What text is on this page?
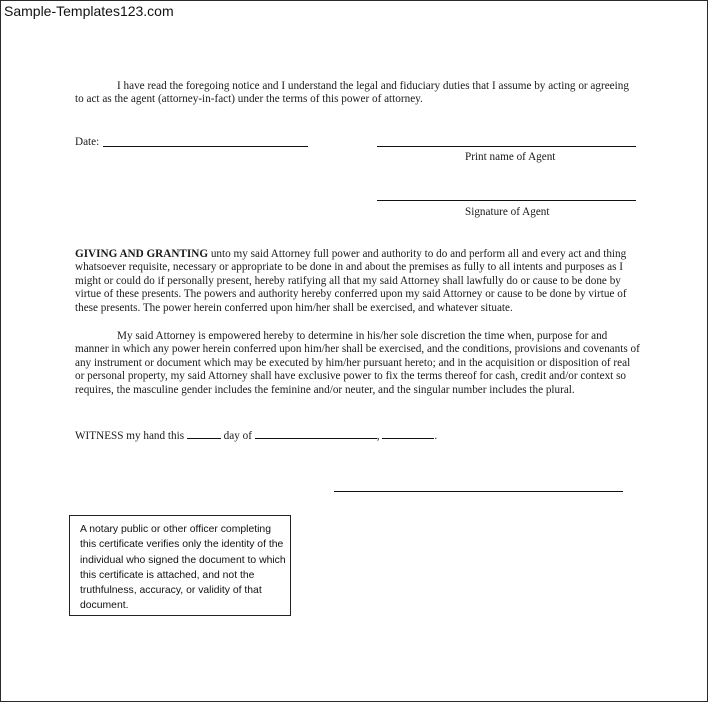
Sample-Templates123.com

I have read the foregoing notice and I understand the legal and fiduciary duties that I assume by acting or agreeing to act as the agent (attorney-in-fact) under the terms of this power of attorney.

Date:
Print name of Agent
Signature of Agent

GIVING AND GRANTING unto my said Attorney full power and authority to do and perform all and every act and thing whatsoever requisite, necessary or appropriate to be done in and about the premises as fully to all intents and purposes as I might or could do if personally present, hereby ratifying all that my said Attorney shall lawfully do or cause to be done by virtue of these presents. The powers and authority hereby conferred upon my said Attorney or cause to be done by virtue of these presents. The power herein conferred upon him/her shall be exercised, and whatever situate.

My said Attorney is empowered hereby to determine in his/her sole discretion the time when, purpose for and manner in which any power herein conferred upon him/her shall be exercised, and the conditions, provisions and covenants of any instrument or document which may be executed by him/her pursuant hereto; and in the acquisition or disposition of real or personal property, my said Attorney shall have exclusive power to fix the terms thereof for cash, credit and/or context so requires, the masculine gender includes the feminine and/or neuter, and the singular number includes the plural.

WITNESS my hand this	day of	,	.
A notary public or other officer completing this certificate verifies only the identity of the individual who signed the document to which this certificate is attached, and not the truthfulness, accuracy, or validity of that document.
